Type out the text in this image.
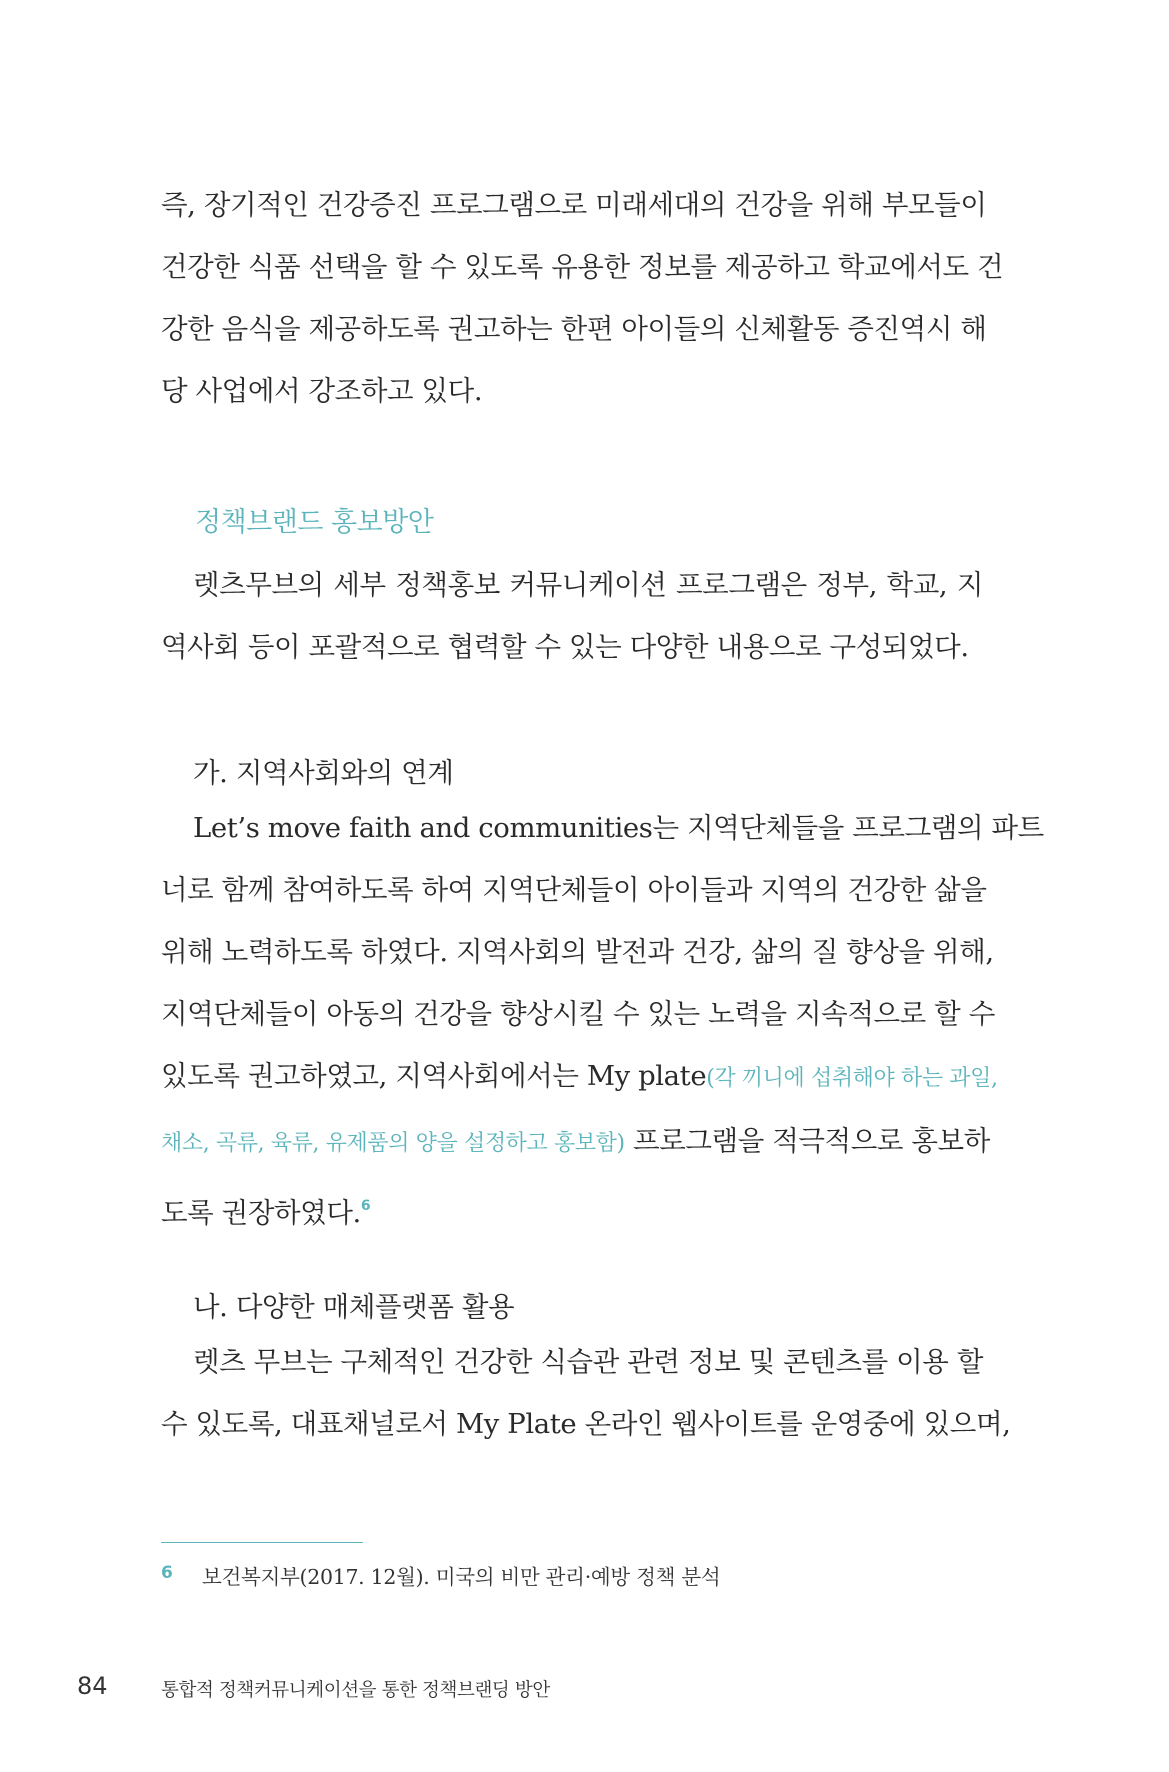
즉, 장기적인 건강증진 프로그램으로 미래세대의 건강을 위해 부모들이
건강한 식품 선택을 할 수 있도록 유용한 정보를 제공하고 학교에서도 건
강한 음식을 제공하도록 권고하는 한편 아이들의 신체활동 증진역시 해
당 사업에서 강조하고 있다.
정책브랜드 홍보방안
렛츠무브의 세부 정책홍보 커뮤니케이션 프로그램은 정부, 학교, 지
역사회 등이 포괄적으로 협력할 수 있는 다양한 내용으로 구성되었다.
가. 지역사회와의 연계
Let’s move faith and communities는 지역단체들을 프로그램의 파트
너로 함께 참여하도록 하여 지역단체들이 아이들과 지역의 건강한 삶을
위해 노력하도록 하였다. 지역사회의 발전과 건강, 삶의 질 향상을 위해,
지역단체들이 아동의 건강을 향상시킬 수 있는 노력을 지속적으로 할 수
있도록 권고하였고, 지역사회에서는 My plate(각 끼니에 섭취해야 하는 과일,
채소, 곡류, 육류, 유제품의 양을 설정하고 홍보함) 프로그램을 적극적으로 홍보하
도록 권장하였다.$^6$
나. 다양한 매체플랫폼 활용
렛츠 무브는 구체적인 건강한 식습관 관련 정보 및 콘텐츠를 이용 할
수 있도록, 대표채널로서 My Plate 온라인 웹사이트를 운영중에 있으며,
6 보건복지부(2017. 12월). 미국의 비만 관리·예방 정책 분석
84	통합적 정책커뮤니케이션을 통한 정책브랜딩 방안
